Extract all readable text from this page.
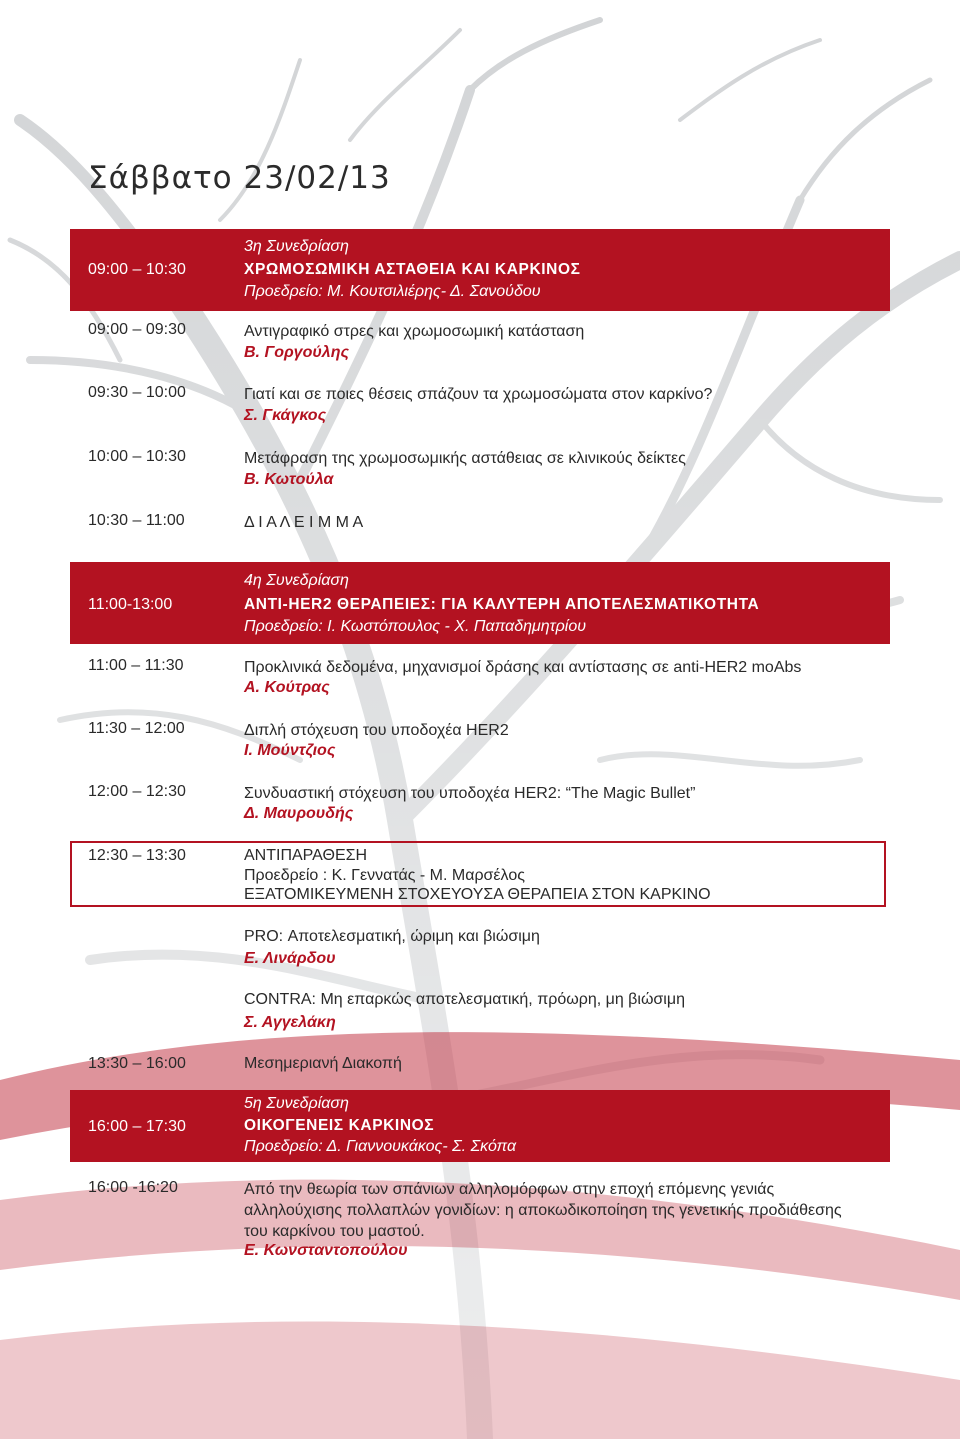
Σάββατο 23/02/13
09:00 – 10:30
3η Συνεδρίαση
ΧΡΩΜΟΣΩΜΙΚΗ ΑΣΤΑΘΕΙΑ ΚΑΙ ΚΑΡΚΙΝΟΣ
Προεδρείο: Μ. Κουτσιλιέρης- Δ. Σανούδου
09:00 – 09:30	Αντιγραφικό στρες και χρωμοσωμική κατάσταση
Β. Γοργούλης
09:30 – 10:00	Γιατί και σε ποιες θέσεις σπάζουν τα χρωμοσώματα στον καρκίνο?
Σ. Γκάγκος
10:00 – 10:30	Μετάφραση της χρωμοσωμικής αστάθειας σε κλινικούς δείκτες
Β. Κωτούλα
10:30 – 11:00	Δ Ι Α Λ Ε Ι Μ Μ Α
11:00-13:00
4η Συνεδρίαση
ANTI-HER2 ΘΕΡΑΠΕΙΕΣ: ΓΙΑ ΚΑΛΥΤΕΡΗ ΑΠΟΤΕΛΕΣΜΑΤΙΚΟΤΗΤΑ
Προεδρείο: Ι. Κωστόπουλος - Χ. Παπαδημητρίου
11:00 – 11:30	Προκλινικά δεδομένα, μηχανισμοί δράσης και αντίστασης σε anti-HER2 moAbs
Α. Κούτρας
11:30 – 12:00	Διπλή στόχευση του υποδοχέα HER2
Ι. Μούντζιος
12:00 – 12:30	Συνδυαστική στόχευση του υποδοχέα HER2: “The Magic Bullet”
Δ. Μαυρουδής
12:30 – 13:30	ΑΝΤΙΠΑΡΑΘΕΣΗ
Προεδρείο : Κ. Γεννατάς - Μ. Μαρσέλος
ΕΞΑΤΟΜΙΚΕΥΜΕΝΗ ΣΤΟΧΕΥΟΥΣΑ ΘΕΡΑΠΕΙΑ ΣΤΟΝ ΚΑΡΚΙΝΟ
PRO: Αποτελεσματική, ώριμη και βιώσιμη
Ε. Λινάρδου
CONTRA: Μη επαρκώς αποτελεσματική, πρόωρη, μη βιώσιμη
Σ. Αγγελάκη
13:30 – 16:00	Μεσημεριανή Διακοπή
16:00 – 17:30
5η Συνεδρίαση
ΟΙΚΟΓΕΝΕΙΣ ΚΑΡΚΙΝΟΣ
Προεδρείο: Δ. Γιαννουκάκος- Σ. Σκόπα
16:00 -16:20	Από την θεωρία των σπάνιων αλληλομόρφων στην εποχή επόμενης γενιάς αλληλούχισης πολλαπλών γονιδίων: η αποκωδικοποίηση της γενετικής προδιάθεσης του καρκίνου του μαστού.
Ε. Κωνσταντοπούλου
